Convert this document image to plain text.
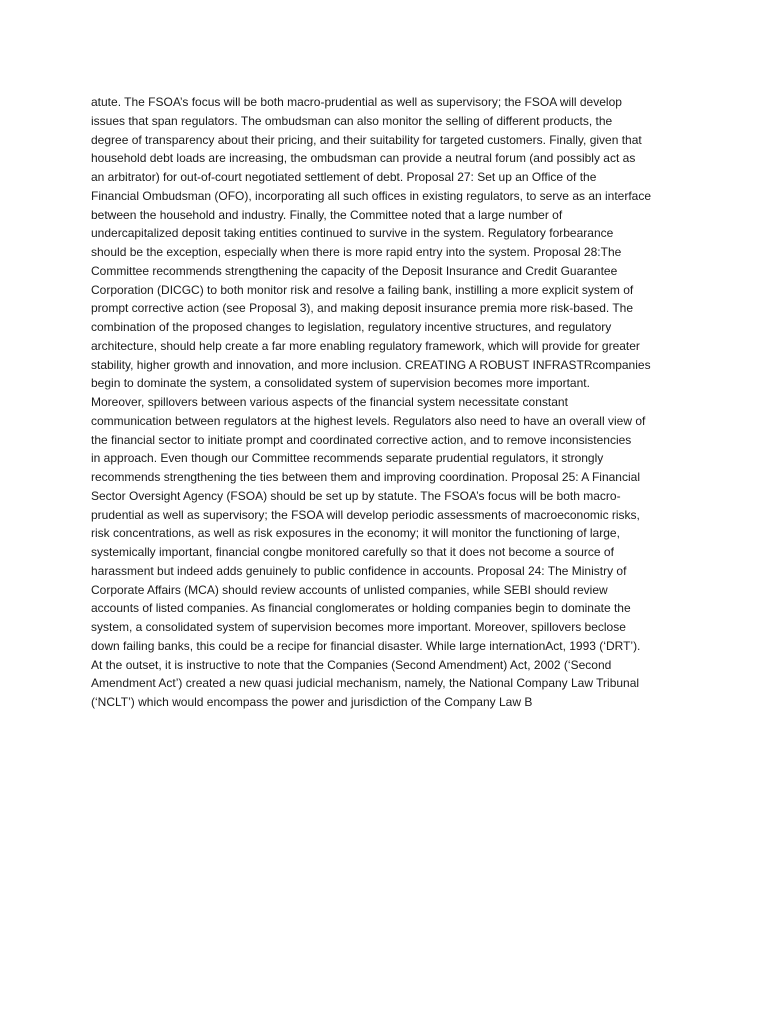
atute. The FSOA’s focus will be both macro-prudential as well as supervisory; the FSOA will develop
issues that span regulators. The ombudsman can also monitor the selling of different products, the
degree of transparency about their pricing, and their suitability for targeted customers. Finally, given that
household debt loads are increasing, the ombudsman can provide a neutral forum (and possibly act as
an arbitrator) for out-of-court negotiated settlement of debt. Proposal 27: Set up an Office of the
Financial Ombudsman (OFO), incorporating all such offices in existing regulators, to serve as an interface
between the household and industry. Finally, the Committee noted that a large number of
undercapitalized deposit taking entities continued to survive in the system. Regulatory forbearance
should be the exception, especially when there is more rapid entry into the system. Proposal 28:The
Committee recommends strengthening the capacity of the Deposit Insurance and Credit Guarantee
Corporation (DICGC) to both monitor risk and resolve a failing bank, instilling a more explicit system of
prompt corrective action (see Proposal 3), and making deposit insurance premia more risk-based. The
combination of the proposed changes to legislation, regulatory incentive structures, and regulatory
architecture, should help create a far more enabling regulatory framework, which will provide for greater
stability, higher growth and innovation, and more inclusion. CREATING A ROBUST INFRASTRcompanies
begin to dominate the system, a consolidated system of supervision becomes more important.
Moreover, spillovers between various aspects of the financial system necessitate constant
communication between regulators at the highest levels. Regulators also need to have an overall view of
the financial sector to initiate prompt and coordinated corrective action, and to remove inconsistencies
in approach. Even though our Committee recommends separate prudential regulators, it strongly
recommends strengthening the ties between them and improving coordination. Proposal 25: A Financial
Sector Oversight Agency (FSOA) should be set up by statute. The FSOA’s focus will be both macro-
prudential as well as supervisory; the FSOA will develop periodic assessments of macroeconomic risks,
risk concentrations, as well as risk exposures in the economy; it will monitor the functioning of large,
systemically important, financial congbe monitored carefully so that it does not become a source of
harassment but indeed adds genuinely to public confidence in accounts. Proposal 24: The Ministry of
Corporate Affairs (MCA) should review accounts of unlisted companies, while SEBI should review
accounts of listed companies. As financial conglomerates or holding companies begin to dominate the
system, a consolidated system of supervision becomes more important. Moreover, spillovers beclose
down failing banks, this could be a recipe for financial disaster. While large internationAct, 1993 (‘DRT’).
At the outset, it is instructive to note that the Companies (Second Amendment) Act, 2002 (‘Second
Amendment Act’) created a new quasi judicial mechanism, namely, the National Company Law Tribunal
(‘NCLT’) which would encompass the power and jurisdiction of the Company Law B
